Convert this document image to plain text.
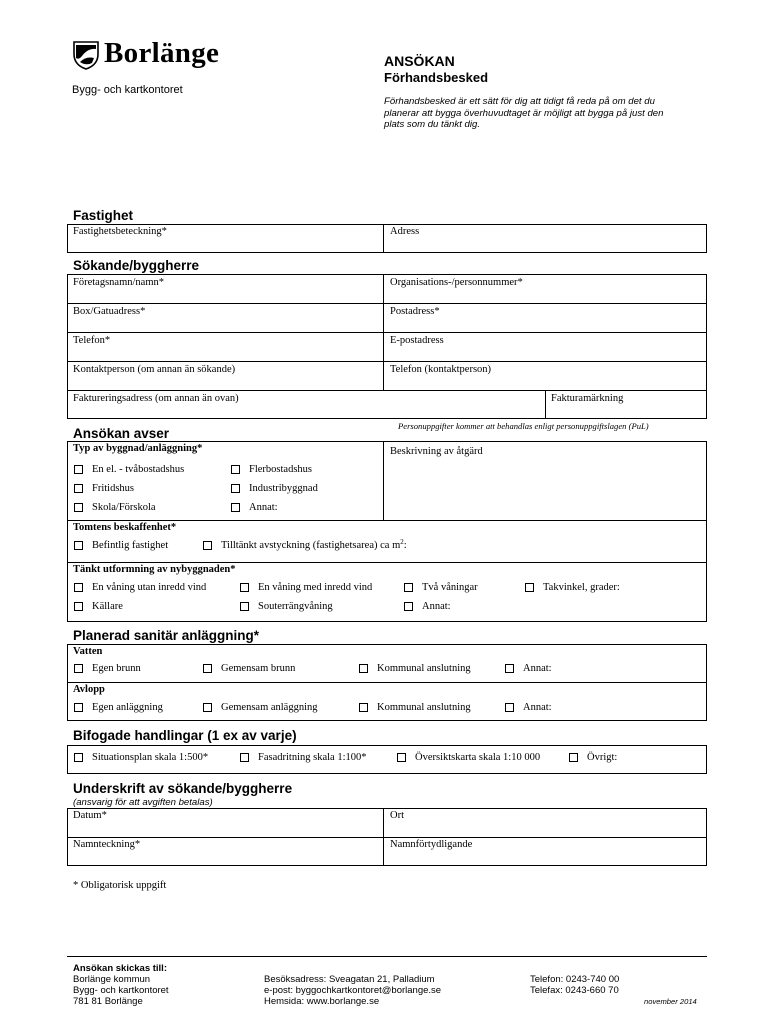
Borlänge
Bygg- och kartkontoret
ANSÖKAN
Förhandsbesked
Förhandsbesked är ett sätt för dig att tidigt få reda på om det du
planerar att bygga överhuvudtaget är möjligt att bygga på just den
plats som du tänkt dig.
Fastighet
Fastighetsbeteckning*	Adress
Sökande/byggherre
Företagsnamn/namn*	Organisations-/personnummer*
Box/Gatuadress*	Postadress*
Telefon*	E-postadress
Kontaktperson (om annan än sökande)	Telefon (kontaktperson)
Faktureringsadress (om annan än ovan)	Fakturamärkning
Personuppgifter kommer att behandlas enligt personuppgiftslagen (PuL)
Ansökan avser
Typ av byggnad/anläggning*	Beskrivning av åtgärd
En el. - tvåbostadshus	Flerbostadshus
Fritidshus	Industribyggnad
Skola/Förskola	Annat:
Tomtens beskaffenhet*
Befintlig fastighet	Tilltänkt avstyckning (fastighetsarea) ca $m^2$ :
Tänkt utformning av nybyggnaden*
En våning utan inredd vind	En våning med inredd vind	Två våningar	Takvinkel, grader:
Källare	Souterrängvåning	Annat:
Planerad sanitär anläggning*
Vatten
Egen brunn	Gemensam brunn	Kommunal anslutning	Annat:
Avlopp
Egen anläggning	Gemensam anläggning	Kommunal anslutning	Annat:
Bifogade handlingar (1 ex av varje)
Situationsplan skala 1:500*	Fasadritning skala 1:100*	Översiktskarta skala 1:10 000	Övrigt:
Underskrift av sökande/byggherre
(ansvarig för att avgiften betalas)
Datum*	Ort
Namnteckning*	Namnförtydligande
* Obligatorisk uppgift
Ansökan skickas till:
Borlänge kommun
Bygg- och kartkontoret
781 81 Borlänge
Besöksadress: Sveagatan 21, Palladium
e-post: byggochkartkontoret@borlange.se
Hemsida: www.borlange.se
Telefon: 0243-740 00
Telefax: 0243-660 70
november 2014
